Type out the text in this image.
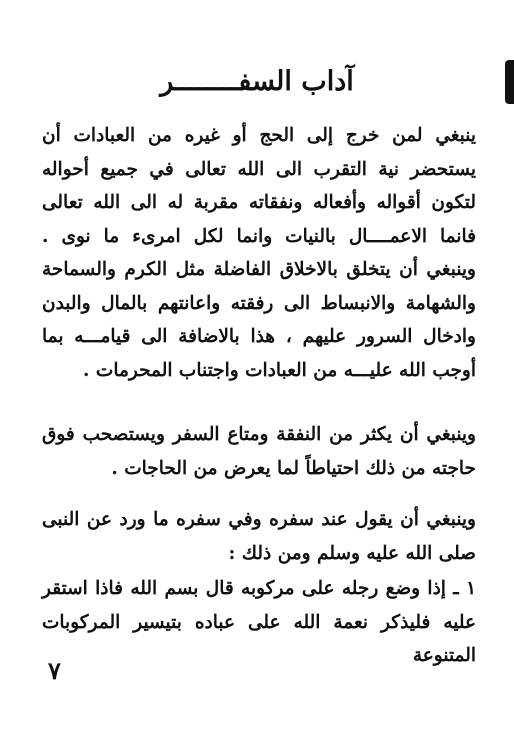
آداب السفــــــــر
ينبغي لمن خرج إلى الحج أو غيره من العبادات أن يستحضر نية التقرب الى الله تعالى في جميع أحواله لتكون أقواله وأفعاله ونفقاته مقربة له الى الله تعالى فانما الاعمــــال بالنيات وانما لكل امرىء ما نوى . وينبغي أن يتخلق بالاخلاق الفاضلة مثل الكرم والسماحة والشهامة والانبساط الى رفقته واعانتهم بالمال والبدن وادخال السرور عليهم ، هذا بالاضافة الى قيامـــه بما أوجب الله عليـــه من العبادات واجتناب المحرمات .
وينبغي أن يكثر من النفقة ومتاع السفر ويستصحب فوق حاجته من ذلك احتياطاً لما يعرض من الحاجات .
وينبغي أن يقول عند سفره وفي سفره ما ورد عن النبى صلى الله عليه وسلم ومن ذلك :
١ ـ إذا وضع رجله على مركوبه قال بسم الله فاذا استقر عليه فليذكر نعمة الله على عباده بتيسير المركوبات المتنوعة
٧
